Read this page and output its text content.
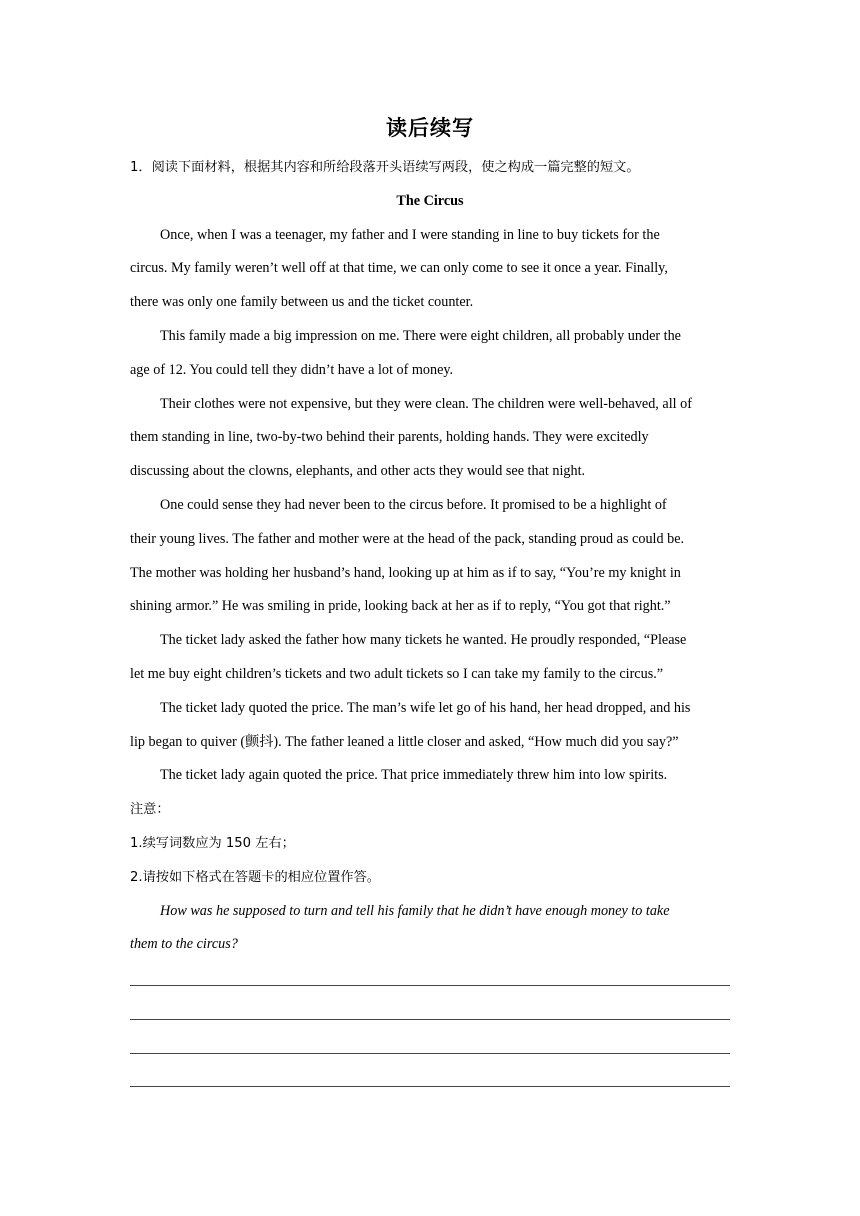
读后续写
1．阅读下面材料，根据其内容和所给段落开头语续写两段，使之构成一篇完整的短文。
The Circus
Once, when I was a teenager, my father and I were standing in line to buy tickets for the
circus. My family weren’t well off at that time, we can only come to see it once a year. Finally,
there was only one family between us and the ticket counter.
This family made a big impression on me. There were eight children, all probably under the
age of 12. You could tell they didn’t have a lot of money.
Their clothes were not expensive, but they were clean. The children were well-behaved, all of
them standing in line, two-by-two behind their parents, holding hands. They were excitedly
discussing about the clowns, elephants, and other acts they would see that night.
One could sense they had never been to the circus before. It promised to be a highlight of
their young lives. The father and mother were at the head of the pack, standing proud as could be.
The mother was holding her husband’s hand, looking up at him as if to say, “You’re my knight in
shining armor.” He was smiling in pride, looking back at her as if to reply, “You got that right.”
The ticket lady asked the father how many tickets he wanted. He proudly responded, “Please
let me buy eight children’s tickets and two adult tickets so I can take my family to the circus.”
The ticket lady quoted the price. The man’s wife let go of his hand, her head dropped, and his
lip began to quiver (颤抖). The father leaned a little closer and asked, “How much did you say?”
The ticket lady again quoted the price. That price immediately threw him into low spirits.
注意：
1.续写词数应为 150 左右；
2.请按如下格式在答题卡的相应位置作答。
How was he supposed to turn and tell his family that he didn’t have enough money to take
them to the circus?
